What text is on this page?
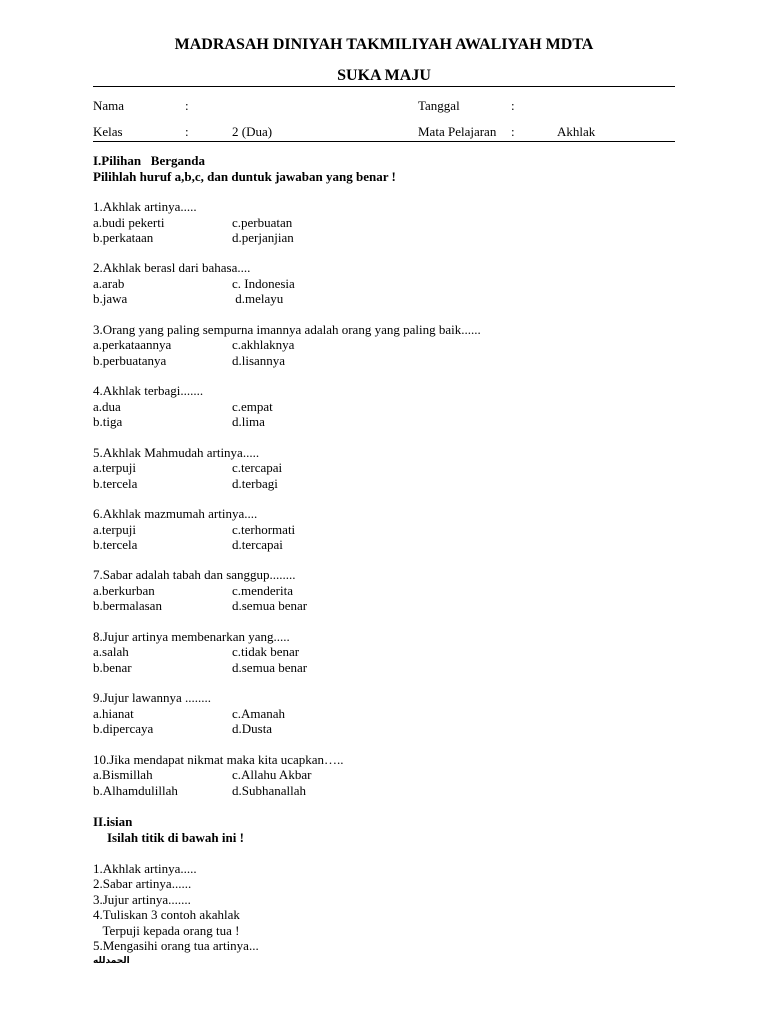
MADRASAH DINIYAH TAKMILIYAH AWALIYAH MDTA
SUKA MAJU
Nama	:	Tanggal	:
Kelas	:	2 (Dua)	Mata Pelajaran :	Akhlak
I.Pilihan   Berganda
Pilihlah huruf a,b,c, dan duntuk jawaban yang benar !
1.Akhlak artinya.....
a.budi pekerti	c.perbuatan
b.perkataan	d.perjanjian
2.Akhlak berasl dari bahasa....
a.arab	c. Indonesia
b.jawa	d.melayu
3.Orang yang paling sempurna imannya adalah orang yang paling baik......
a.perkataannya	c.akhlaknya
b.perbuatanya	d.lisannya
4.Akhlak terbagi.......
a.dua	c.empat
b.tiga	d.lima
5.Akhlak Mahmudah artinya.....
a.terpuji	c.tercapai
b.tercela	d.terbagi
6.Akhlak mazmumah artinya....
a.terpuji	c.terhormati
b.tercela	d.tercapai
7.Sabar adalah tabah dan sanggup........
a.berkurban	c.menderita
b.bermalasan	d.semua benar
8.Jujur artinya membenarkan yang.....
a.salah	c.tidak benar
b.benar	d.semua benar
9.Jujur lawannya ........
a.hianat	c.Amanah
b.dipercaya	d.Dusta
10.Jika mendapat nikmat maka kita ucapkan…..
a.Bismillah	c.Allahu Akbar
b.Alhamdulillah	d.Subhanallah
II.isian
Isilah titik di bawah ini !
1.Akhlak artinya.....
2.Sabar artinya......
3.Jujur artinya.......
4.Tuliskan 3 contoh akahlak
Terpuji kepada orang tua !
5.Mengasihi orang tua artinya...
الحمدلله
